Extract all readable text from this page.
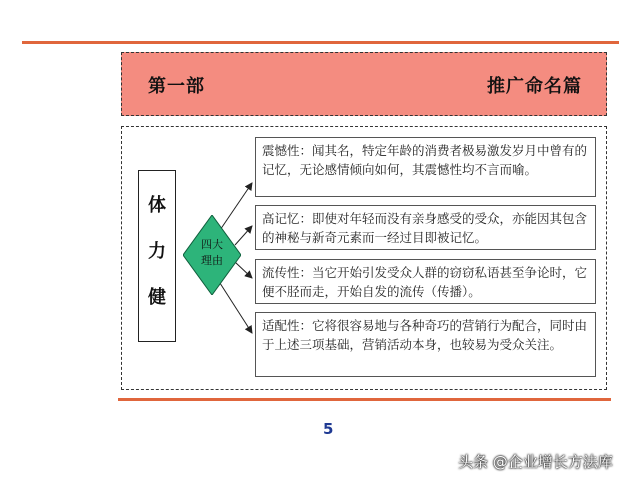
第一部	推广命名篇
体
力
健
四大
理由
震憾性：闻其名，特定年龄的消费者极易激发岁月中曾有的记忆，无论感情倾向如何，其震憾性均不言而喻。
高记忆：即使对年轻而没有亲身感受的受众，亦能因其包含的神秘与新奇元素而一经过目即被记忆。
流传性：当它开始引发受众人群的窃窃私语甚至争论时，它便不胫而走，开始自发的流传（传播）。
适配性：它将很容易地与各种奇巧的营销行为配合，同时由于上述三项基础，营销活动本身，也较易为受众关注。
5
头条 @企业增长方法库
